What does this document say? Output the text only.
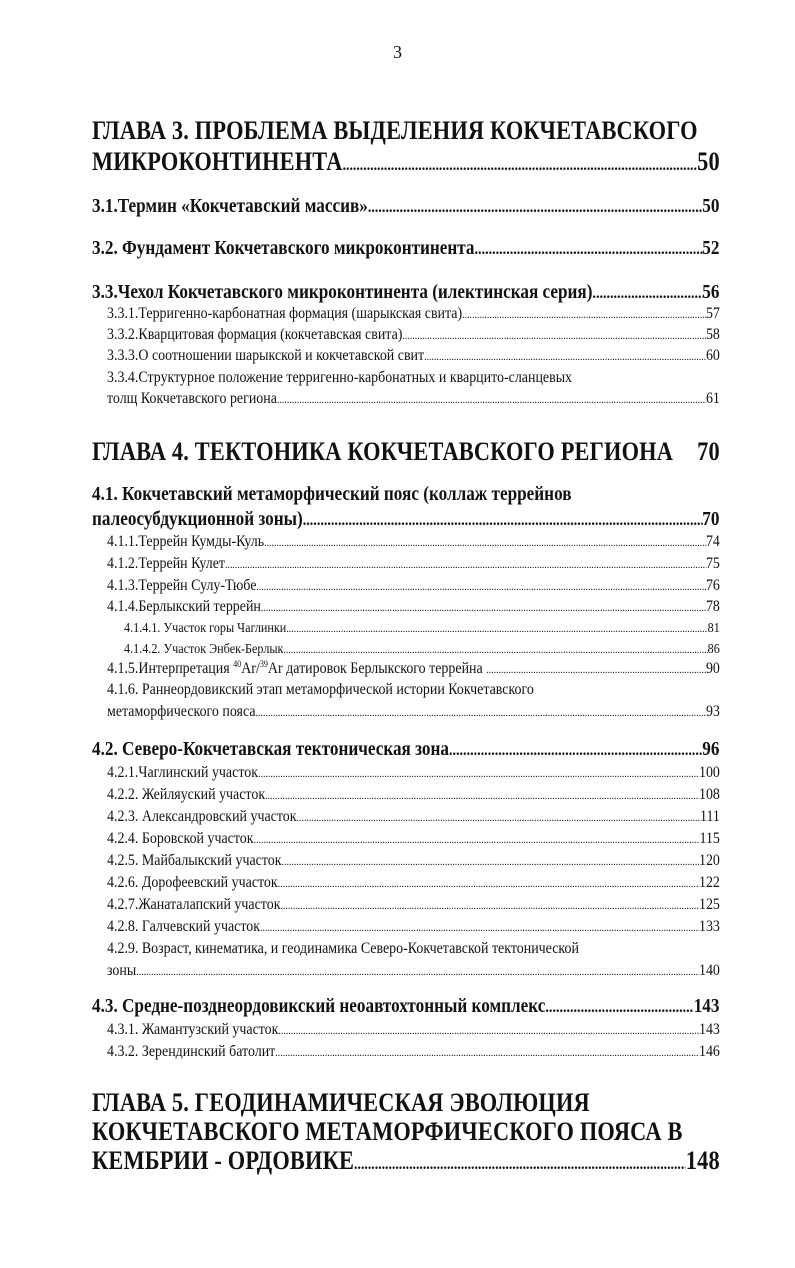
3
ГЛАВА 3. ПРОБЛЕМА ВЫДЕЛЕНИЯ КОКЧЕТАВСКОГО
МИКРОКОНТИНЕНТА .....	50
3.1.Термин «Кокчетавский массив» .....	50
3.2. Фундамент Кокчетавского микроконтинента .....	52
3.3.Чехол Кокчетавского микроконтинента (илектинская серия) .....	56
3.3.1.Терригенно-карбонатная формация (шарыкская свита) .....	57
3.3.2.Кварцитовая формация (кокчетавская свита) .....	58
3.3.3.О соотношении шарыкской и кокчетавской свит .....	60
3.3.4.Структурное положение терригенно-карбонатных и кварцито-сланцевых
толщ Кокчетавского региона .....	61
ГЛАВА 4. ТЕКТОНИКА КОКЧЕТАВСКОГО РЕГИОНА 70
4.1. Кокчетавский метаморфический пояс (коллаж террейнов
палеосубдукционной зоны) .....	70
4.1.1.Террейн Кумды-Куль .....	74
4.1.2.Террейн Кулет .....	75
4.1.3.Террейн Сулу-Тюбе .....	76
4.1.4.Берлыкский террейн .....	78
4.1.4.1. Участок горы Чаглинки .....	81
4.1.4.2. Участок Энбек-Берлык .....	86
4.1.5.Интерпретация $^{40}$Ar/$^{39}$Ar датировок Берлыкского террейна .....	90
4.1.6. Раннеордовикский этап метаморфической истории Кокчетавского
метаморфического пояса .....	93
4.2. Северо-Кокчетавская тектоническая зона .....	96
4.2.1.Чаглинский участок .....	100
4.2.2. Жейляуский участок .....	108
4.2.3. Александровский участок .....	111
4.2.4. Боровской участок .....	115
4.2.5. Майбалыкский участок .....	120
4.2.6. Дорофеевский участок .....	122
4.2.7.Жанаталапский участок .....	125
4.2.8. Галчевский участок .....	133
4.2.9. Возраст, кинематика, и геодинамика Северо-Кокчетавской тектонической
зоны .....	140
4.3. Средне-позднеордовикский неоавтохтонный комплекс .....	143
4.3.1. Жамантузский участок .....	143
4.3.2. Зерендинский батолит .....	146
ГЛАВА 5. ГЕОДИНАМИЧЕСКАЯ ЭВОЛЮЦИЯ
КОКЧЕТАВСКОГО МЕТАМОРФИЧЕСКОГО ПОЯСА В
КЕМБРИИ - ОРДОВИКЕ .....	148
